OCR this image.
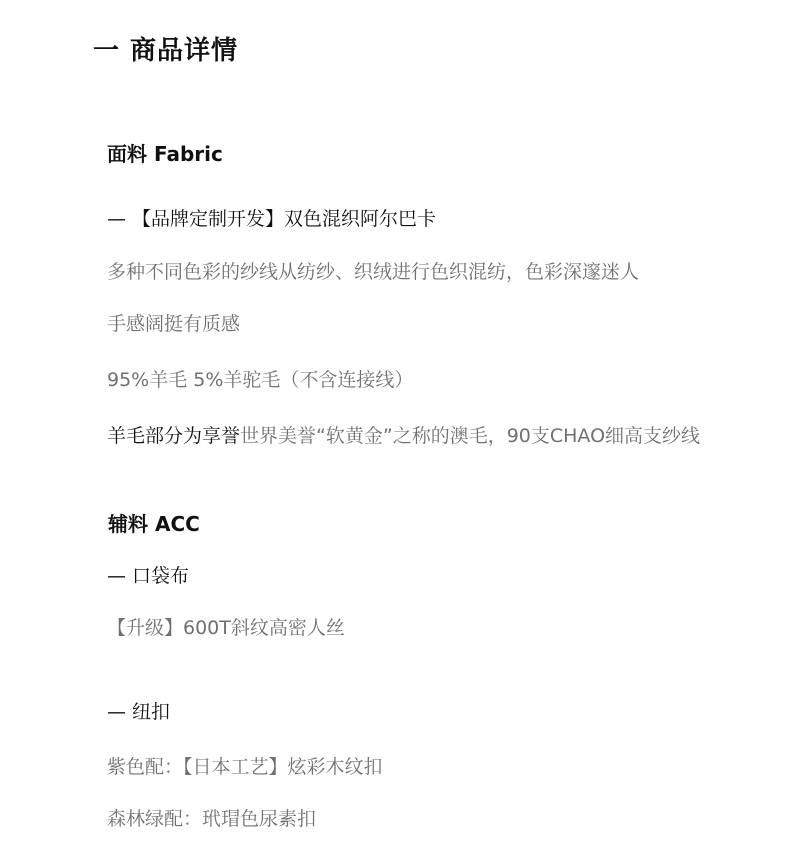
一 商品详情
面料 Fabric
— 【品牌定制开发】双色混织阿尔巴卡
多种不同色彩的纱线从纺纱、织绒进行色织混纺，色彩深邃迷人
手感阔挺有质感
95%羊毛 5%羊驼毛（不含连接线）
羊毛部分为享誉世界美誉“软黄金”之称的澳毛，90支CHAO细高支纱线
辅料 ACC
— 口袋布
【升级】600T斜纹高密人丝
— 纽扣
紫色配：【日本工艺】炫彩木纹扣
森林绿配：玳瑁色尿素扣
